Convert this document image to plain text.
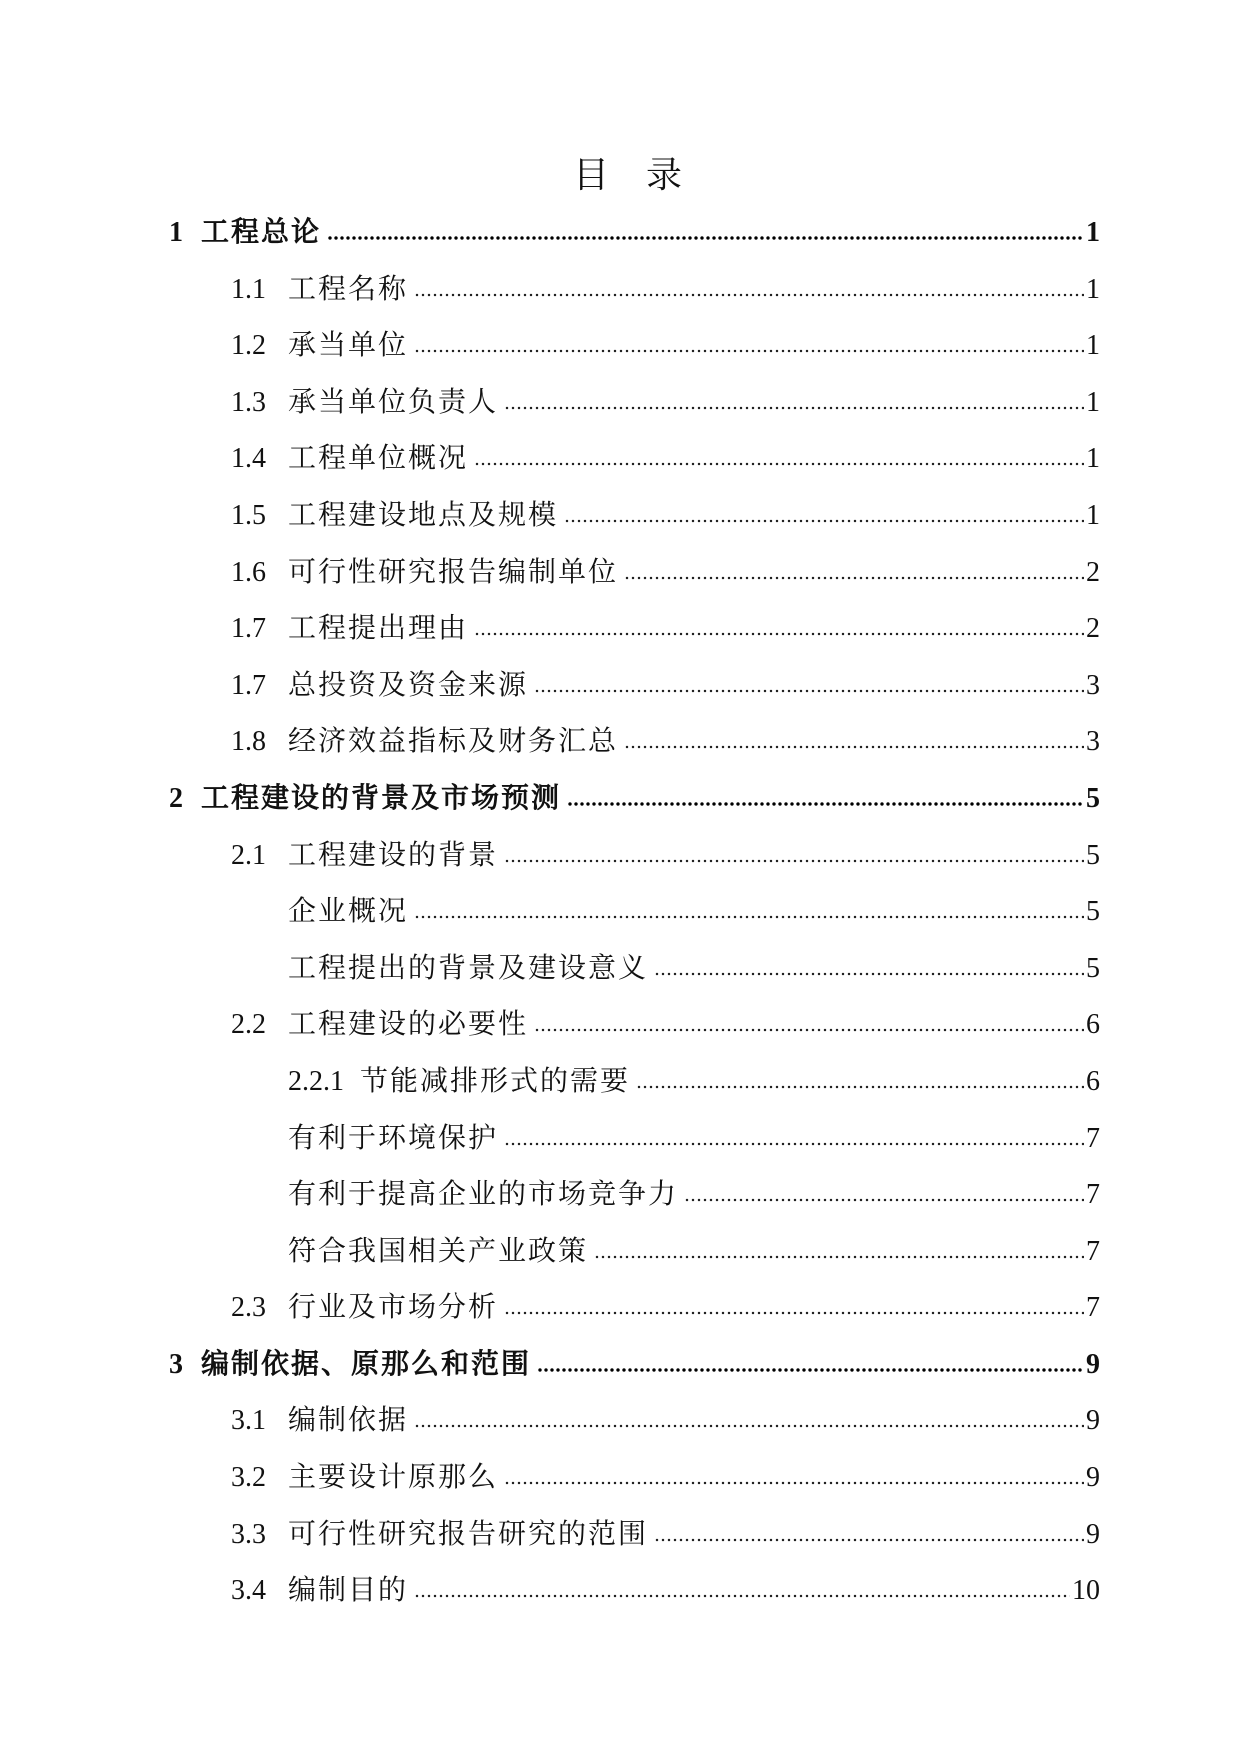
目 录
1 工程总论	1
1.1 工程名称	1
1.2 承当单位	1
1.3 承当单位负责人	1
1.4 工程单位概况	1
1.5 工程建设地点及规模	1
1.6 可行性研究报告编制单位	2
1.7 工程提出理由	2
1.7 总投资及资金来源	3
1.8 经济效益指标及财务汇总	3
2 工程建设的背景及市场预测	5
2.1 工程建设的背景	5
企业概况	5
工程提出的背景及建设意义	5
2.2 工程建设的必要性	6
2.2.1 节能减排形式的需要	6
有利于环境保护	7
有利于提高企业的市场竞争力	7
符合我国相关产业政策	7
2.3 行业及市场分析	7
3 编制依据、原那么和范围	9
3.1 编制依据	9
3.2 主要设计原那么	9
3.3 可行性研究报告研究的范围	9
3.4 编制目的	10
